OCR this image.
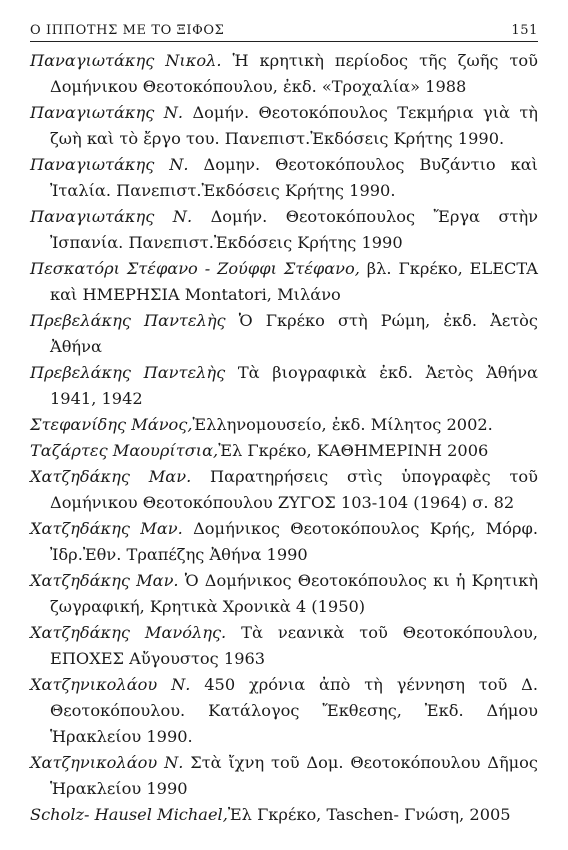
Ο ΙΠΠΟΤΗΣ ΜΕ ΤΟ ΞΙΦΟΣ	151

Παναγιωτάκης Νικολ. Ἡ κρητικὴ περίοδος τῆς ζωῆς τοῦ Δομήνικου Θεοτοκόπουλου, ἐκδ. «Τροχαλία» 1988

Παναγιωτάκης Ν. Δομήν. Θεοτοκόπουλος Τεκμήρια γιὰ τὴ ζωὴ καὶ τὸ ἔργο του. Πανεπιστ.Ἐκδόσεις Κρήτης 1990.

Παναγιωτάκης Ν. Δομην. Θεοτοκόπουλος Βυζάντιο καὶ Ἰταλία. Πανεπιστ.Ἐκδόσεις Κρήτης 1990.

Παναγιωτάκης Ν. Δομήν. Θεοτοκόπουλος Ἔργα στὴν Ἰσπανία. Πανεπιστ.Ἐκδόσεις Κρήτης 1990

Πεσκατόρι Στέφανο - Ζούφφι Στέφανο, βλ. Γκρέκο, ELECTA καὶ ΗΜΕΡΗΣΙΑ Montatori, Μιλάνο

Πρεβελάκης Παντελὴς Ὁ Γκρέκο στὴ Ρώμη, ἐκδ. Ἀετὸς Ἀθήνα

Πρεβελάκης Παντελὴς Τὰ βιογραφικὰ ἐκδ. Ἀετὸς Ἀθήνα 1941, 1942

Στεφανίδης Μάνος,Ἑλληνομουσείο, ἐκδ. Μίλητος 2002.

Ταζάρτες Μαουρίτσια,Ἐλ Γκρέκο, ΚΑΘΗΜΕΡΙΝΗ 2006

Χατζηδάκης Μαν. Παρατηρήσεις στὶς ὑπογραφὲς τοῦ Δομήνικου Θεοτοκόπουλου ΖΥΓΟΣ 103-104 (1964) σ. 82

Χατζηδάκης Μαν. Δομήνικος Θεοτοκόπουλος Κρής, Μόρφ. Ἰδρ.Ἐθν. Τραπέζης Ἀθήνα 1990

Χατζηδάκης Μαν. Ὁ Δομήνικος Θεοτοκόπουλος κι ἡ Κρητικὴ ζωγραφική, Κρητικὰ Χρονικὰ 4 (1950)

Χατζηδάκης Μανόλης. Τὰ νεανικὰ τοῦ Θεοτοκόπουλου, ΕΠΟΧΕΣ Αὔγουστος 1963

Χατζηνικολάου Ν. 450 χρόνια ἀπὸ τὴ γέννηση τοῦ Δ. Θεοτοκόπουλου. Κατάλογος Ἔκθεσης, Ἐκδ. Δήμου Ἡρακλείου 1990.

Χατζηνικολάου Ν. Στὰ ἴχνη τοῦ Δομ. Θεοτοκόπουλου Δῆμος Ἡρακλείου 1990

Scholz- Hausel Michael,Ἐλ Γκρέκο, Taschen- Γνώση, 2005
